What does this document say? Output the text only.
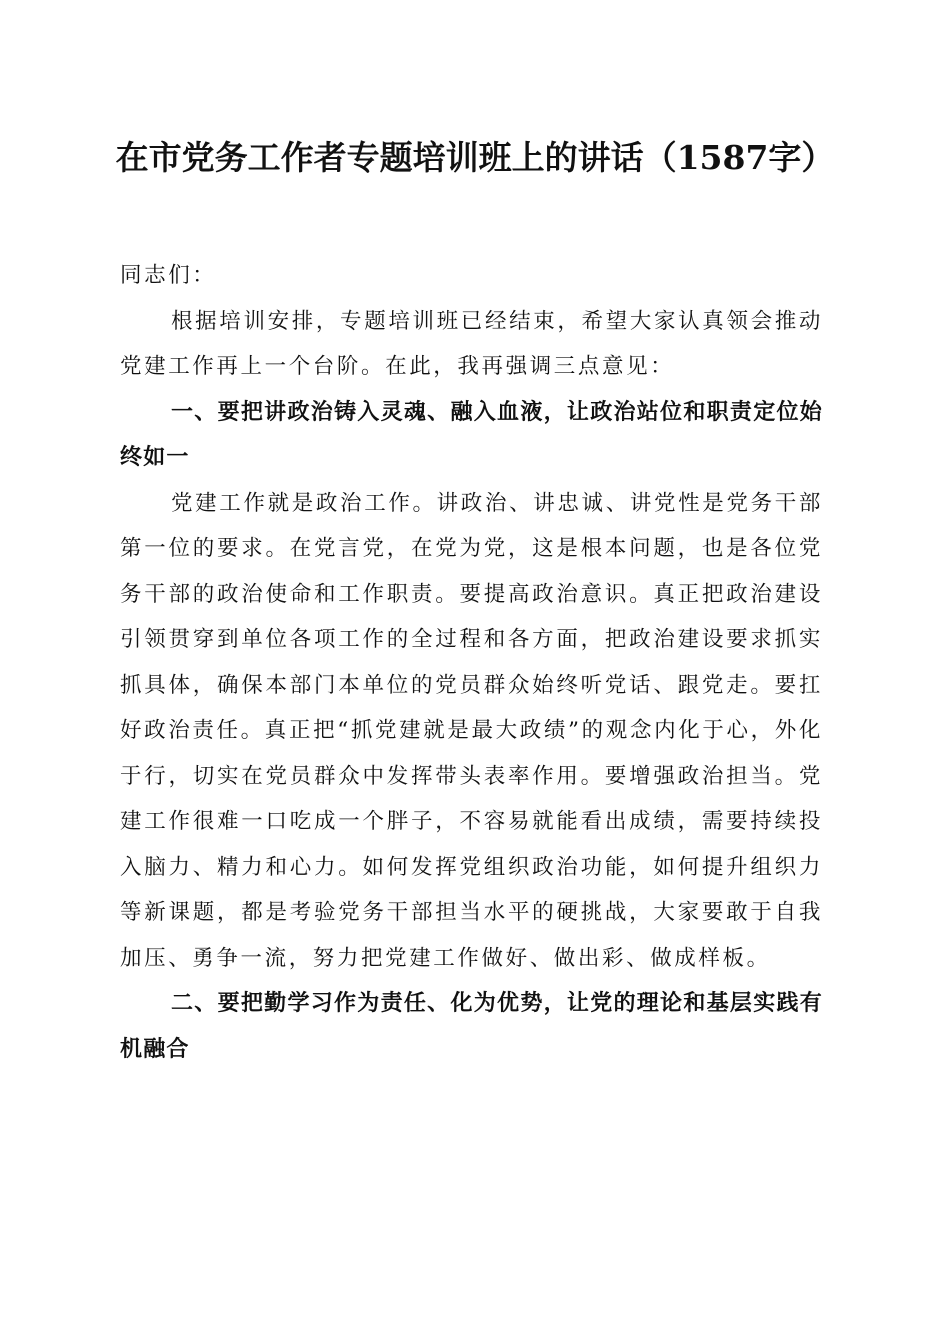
在市党务工作者专题培训班上的讲话（1587字）

同志们：

根据培训安排，专题培训班已经结束，希望大家认真领会推动党建工作再上一个台阶。在此，我再强调三点意见：

一、要把讲政治铸入灵魂、融入血液，让政治站位和职责定位始终如一

党建工作就是政治工作。讲政治、讲忠诚、讲党性是党务干部第一位的要求。在党言党，在党为党，这是根本问题，也是各位党务干部的政治使命和工作职责。要提高政治意识。真正把政治建设引领贯穿到单位各项工作的全过程和各方面，把政治建设要求抓实抓具体，确保本部门本单位的党员群众始终听党话、跟党走。要扛好政治责任。真正把“抓党建就是最大政绩”的观念内化于心，外化于行，切实在党员群众中发挥带头表率作用。要增强政治担当。党建工作很难一口吃成一个胖子，不容易就能看出成绩，需要持续投入脑力、精力和心力。如何发挥党组织政治功能，如何提升组织力等新课题，都是考验党务干部担当水平的硬挑战，大家要敢于自我加压、勇争一流，努力把党建工作做好、做出彩、做成样板。

二、要把勤学习作为责任、化为优势，让党的理论和基层实践有机融合
